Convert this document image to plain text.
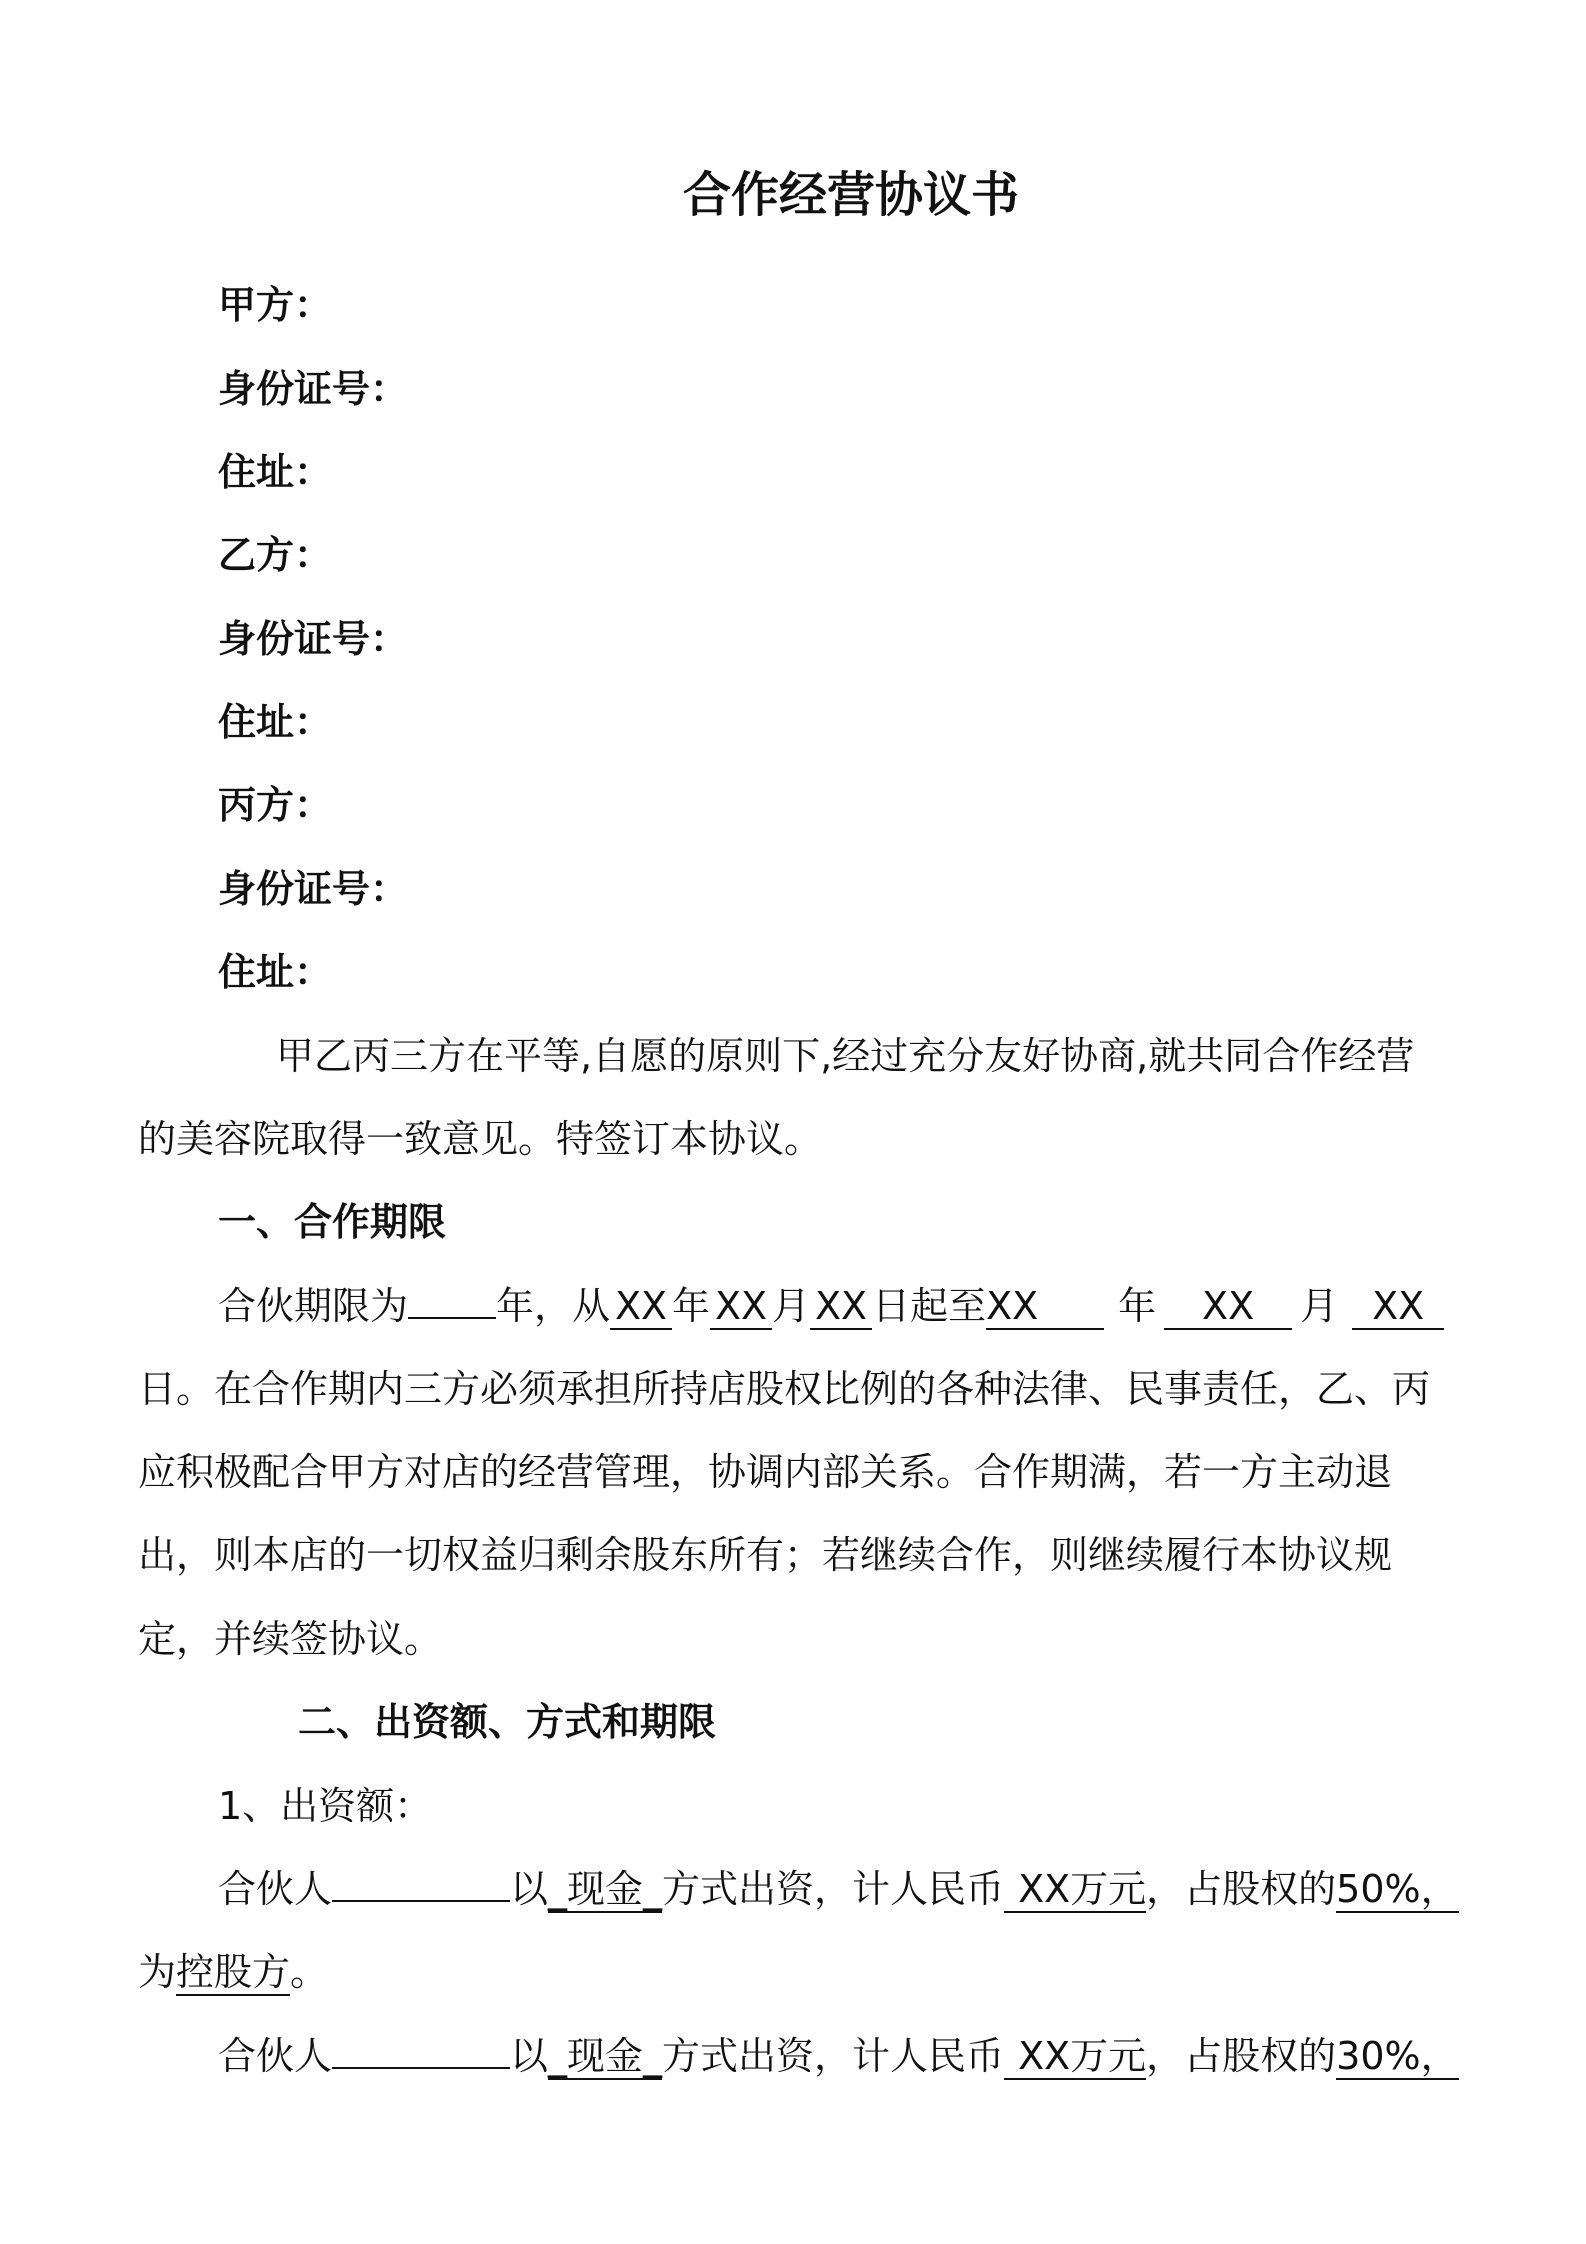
合作经营协议书
甲方：
身份证号：
住址：
乙方：
身份证号：
住址：
丙方：
身份证号：
住址：
甲乙丙三方在平等,自愿的原则下,经过充分友好协商,就共同合作经营
的美容院取得一致意见。特签订本协议。
一、合作期限
合伙期限为 年，从 XX 年 XX 月 XX 日起至XX 年 XX 月 XX
日。在合作期内三方必须承担所持店股权比例的各种法律、民事责任，乙、丙
应积极配合甲方对店的经营管理，协调内部关系。合作期满，若一方主动退
出，则本店的一切权益归剩余股东所有；若继续合作，则继续履行本协议规
定，并续签协议。
二、出资额、方式和期限
1、出资额：
合伙人	以_现金_方式出资，计人民币 XX万元，占股权的50%，
为控股方。
合伙人	以_现金_方式出资，计人民币 XX万元，占股权的30%，
